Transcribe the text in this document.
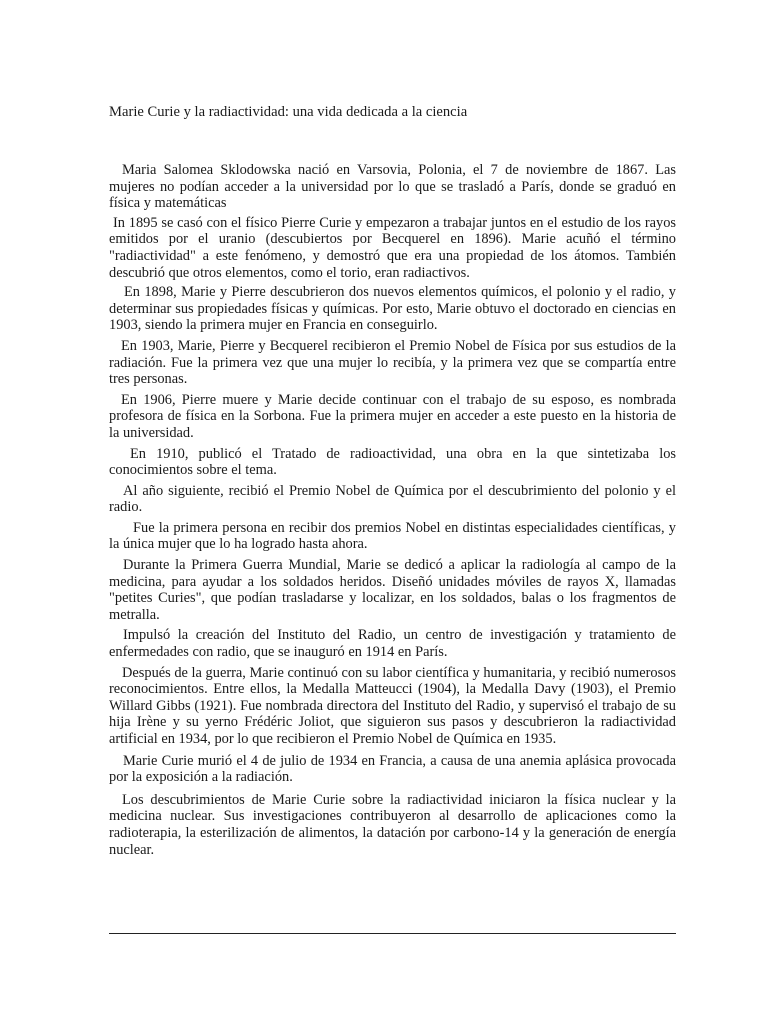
Marie Curie y la radiactividad: una vida dedicada a la ciencia

Maria Salomea Sklodowska nació en Varsovia, Polonia, el 7 de noviembre de 1867. Las mujeres no podían acceder a la universidad por lo que se trasladó a París, donde se graduó en física y matemáticas

In 1895 se casó con el físico Pierre Curie y empezaron a trabajar juntos en el estudio de los rayos emitidos por el uranio (descubiertos por Becquerel en 1896). Marie acuñó el término "radiactividad" a este fenómeno, y demostró que era una propiedad de los átomos. También descubrió que otros elementos, como el torio, eran radiactivos.

En 1898, Marie y Pierre descubrieron dos nuevos elementos químicos, el polonio y el radio, y determinar sus propiedades físicas y químicas. Por esto, Marie obtuvo el doctorado en ciencias en 1903, siendo la primera mujer en Francia en conseguirlo.

En 1903, Marie, Pierre y Becquerel recibieron el Premio Nobel de Física por sus estudios de la radiación. Fue la primera vez que una mujer lo recibía, y la primera vez que se compartía entre tres personas.

En 1906, Pierre muere y Marie decide continuar con el trabajo de su esposo, es nombrada profesora de física en la Sorbona. Fue la primera mujer en acceder a este puesto en la historia de la universidad.

En 1910, publicó el Tratado de radioactividad, una obra en la que sintetizaba los conocimientos sobre el tema.

Al año siguiente, recibió el Premio Nobel de Química por el descubrimiento del polonio y el radio.

Fue la primera persona en recibir dos premios Nobel en distintas especialidades científicas, y la única mujer que lo ha logrado hasta ahora.

Durante la Primera Guerra Mundial, Marie se dedicó a aplicar la radiología al campo de la medicina, para ayudar a los soldados heridos. Diseñó unidades móviles de rayos X, llamadas "petites Curies", que podían trasladarse y localizar, en los soldados, balas o los fragmentos de metralla.

Impulsó la creación del Instituto del Radio, un centro de investigación y tratamiento de enfermedades con radio, que se inauguró en 1914 en París.

Después de la guerra, Marie continuó con su labor científica y humanitaria, y recibió numerosos reconocimientos. Entre ellos, la Medalla Matteucci (1904), la Medalla Davy (1903), el Premio Willard Gibbs (1921). Fue nombrada directora del Instituto del Radio, y supervisó el trabajo de su hija Irène y su yerno Frédéric Joliot, que siguieron sus pasos y descubrieron la radiactividad artificial en 1934, por lo que recibieron el Premio Nobel de Química en 1935.

Marie Curie murió el 4 de julio de 1934 en Francia, a causa de una anemia aplásica provocada por la exposición a la radiación.

Los descubrimientos de Marie Curie sobre la radiactividad iniciaron la física nuclear y la medicina nuclear. Sus investigaciones contribuyeron al desarrollo de aplicaciones como la radioterapia, la esterilización de alimentos, la datación por carbono-14 y la generación de energía nuclear.
